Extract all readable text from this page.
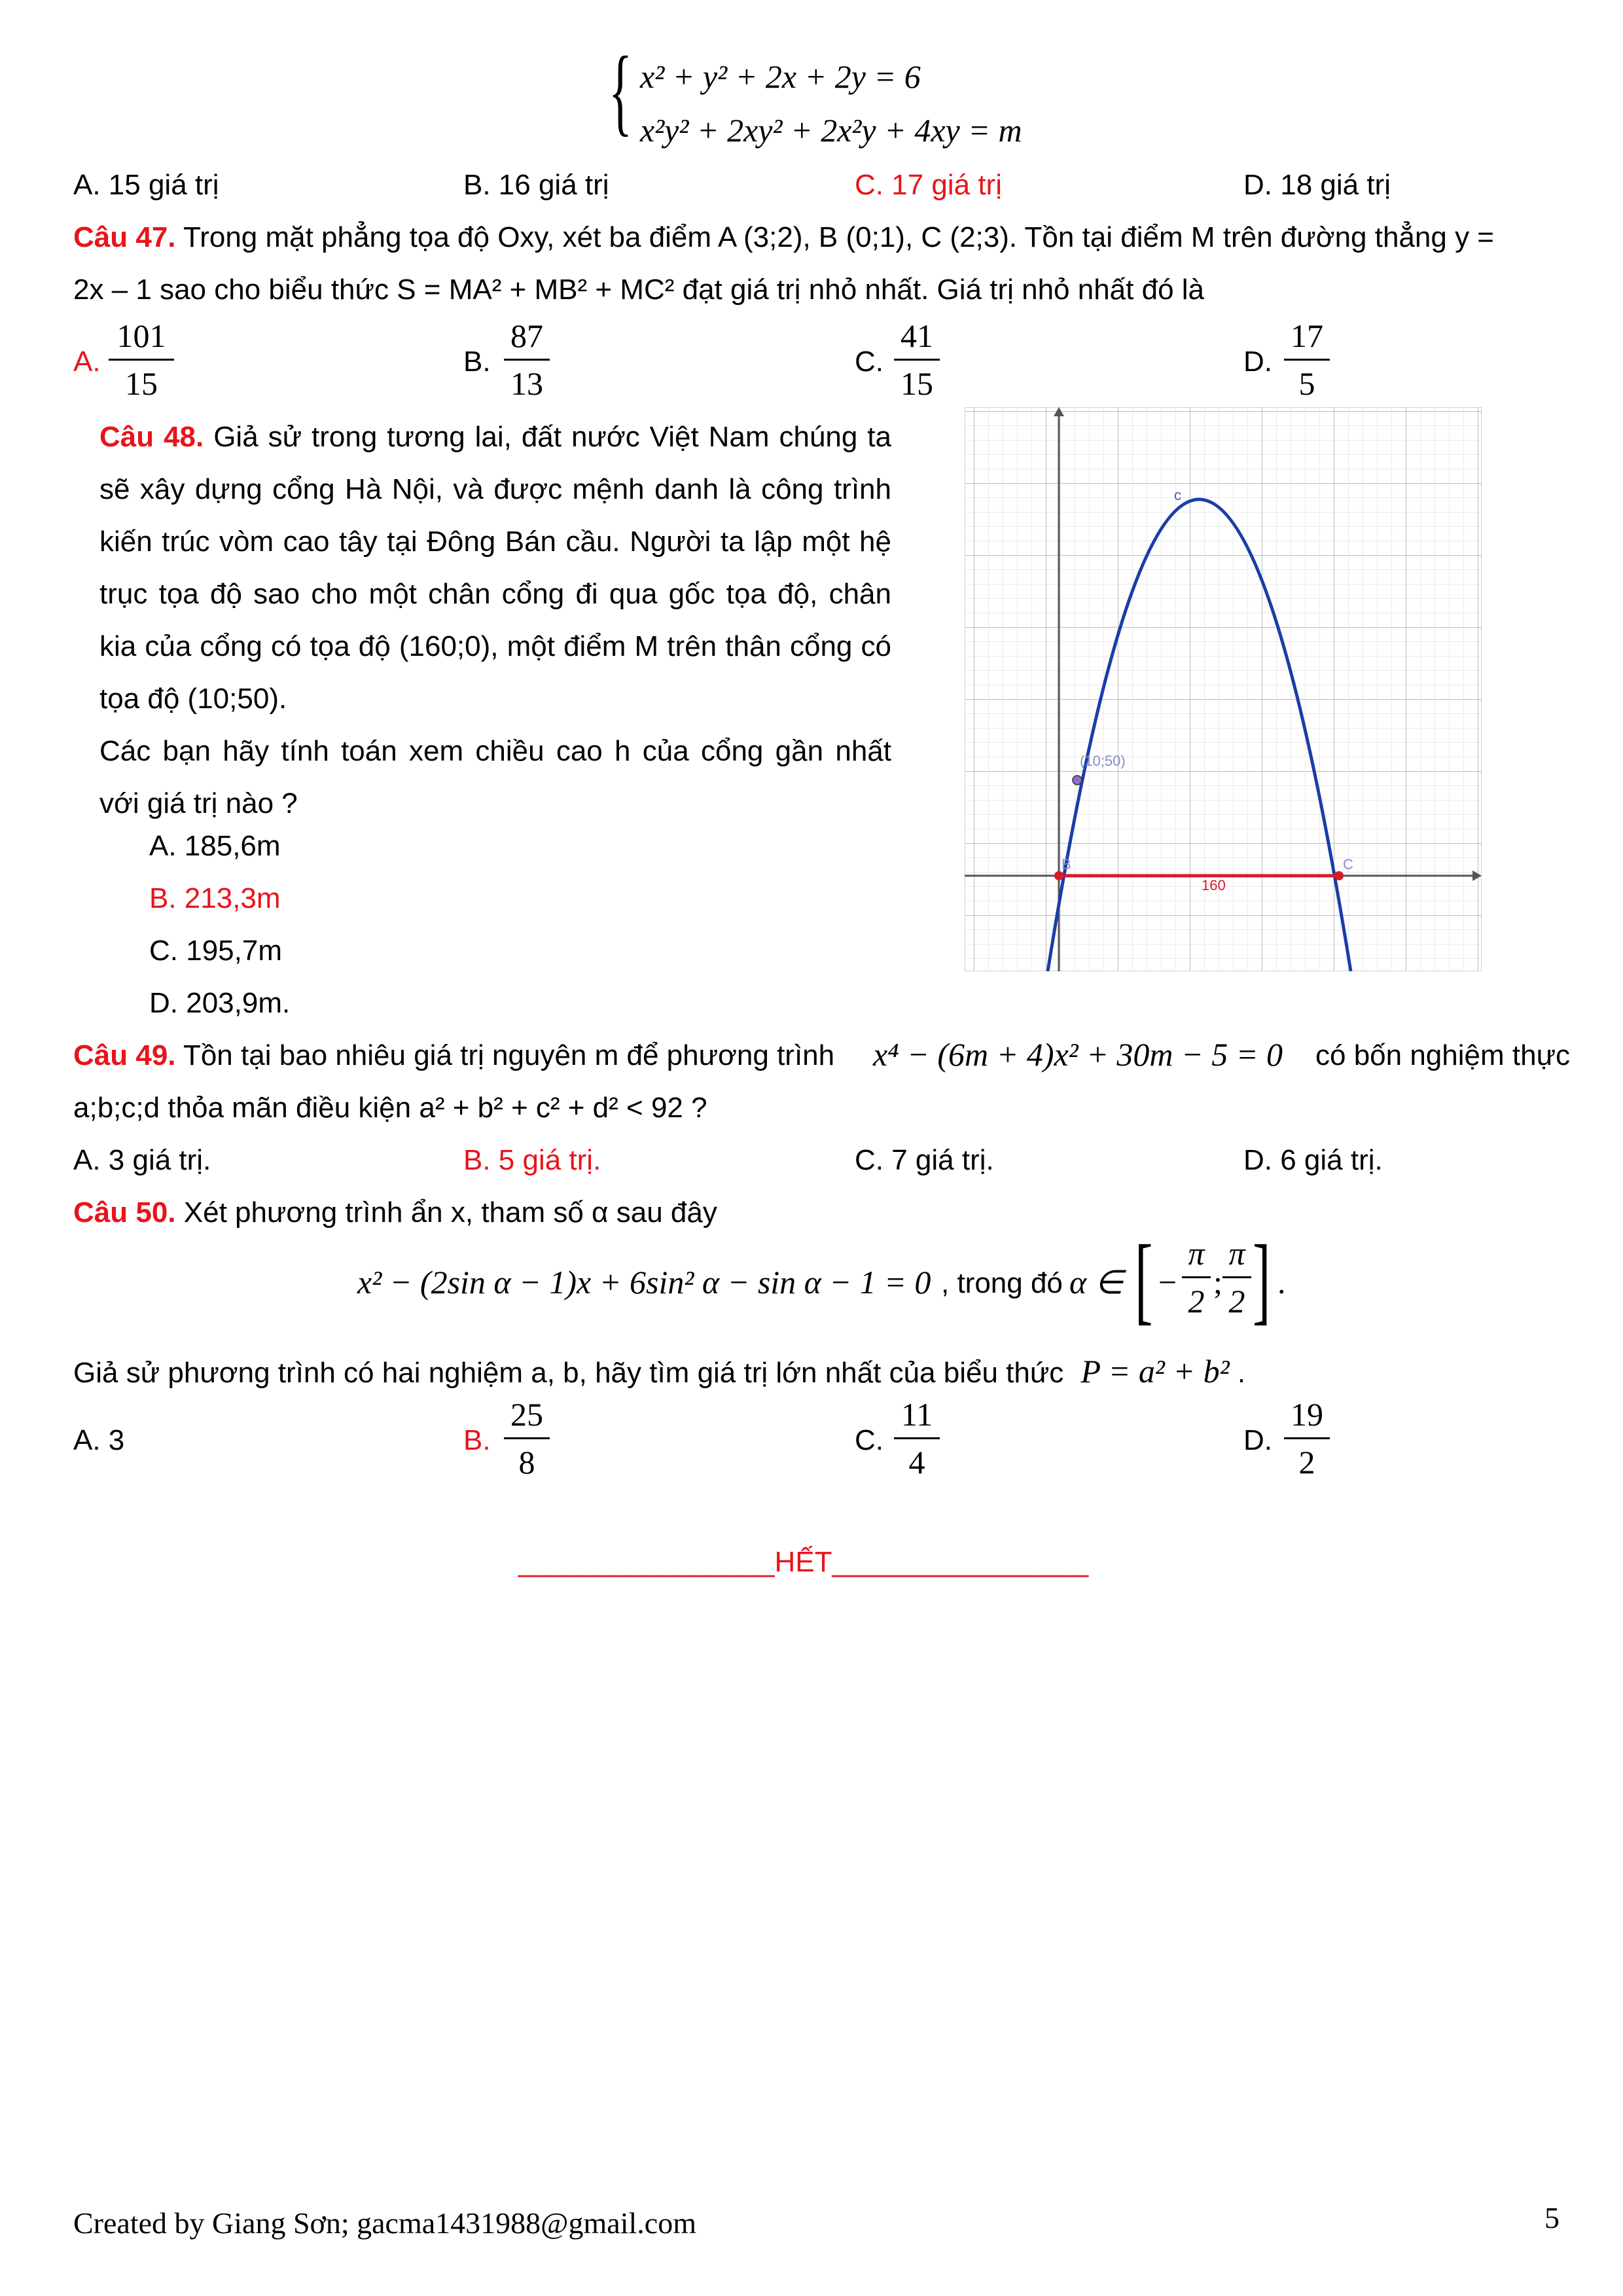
{ x² + y² + 2x + 2y = 6
x²y² + 2xy² + 2x²y + 4xy = m
A. 15 giá trị	B. 16 giá trị	C. 17 giá trị	D. 18 giá trị
Câu 47. Trong mặt phẳng tọa độ Oxy, xét ba điểm A (3;2), B (0;1), C (2;3). Tồn tại điểm M trên đường thẳng y =
2x – 1 sao cho biểu thức S = MA² + MB² + MC² đạt giá trị nhỏ nhất. Giá trị nhỏ nhất đó là
A.
101
15
B.
87
13
C.
41
15
D.
17
5

Câu 48. Giả sử trong tương lai, đất nước Việt Nam chúng ta sẽ xây dựng cổng Hà Nội, và được mệnh danh là công trình kiến trúc vòm cao tây tại Đông Bán cầu. Người ta lập một hệ trục tọa độ sao cho một chân cổng đi qua gốc tọa độ, chân kia của cổng có tọa độ (160;0), một điểm M trên thân cổng có tọa độ (10;50).

Các bạn hãy tính toán xem chiều cao h của cổng gần nhất với giá trị nào ?

A. 185,6m
B. 213,3m
C. 195,7m
D. 203,9m.
(10;50)
B	C
160
c
Câu 49. Tồn tại bao nhiêu giá trị nguyên m để phương trình x⁴ − (6m + 4)x² + 30m − 5 = 0 có bốn nghiệm thực
a;b;c;d thỏa mãn điều kiện a² + b² + c² + d² < 92 ?
A. 3 giá trị.	B. 5 giá trị.	C. 7 giá trị.	D. 6 giá trị.
Câu 50. Xét phương trình ẩn x, tham số α sau đây
x² − (2sin α − 1)x + 6sin² α − sin α − 1 = 0 , trong đó α ∈ [ −
π
2
;
π
2 ] .
Giả sử phương trình có hai nghiệm a, b, hãy tìm giá trị lớn nhất của biểu thức P = a² + b² .
A. 3	B.
25
8
C.
11
4
D.
19
2
________________HẾT________________
Created by Giang Sơn; gacma1431988@gmail.com	5
